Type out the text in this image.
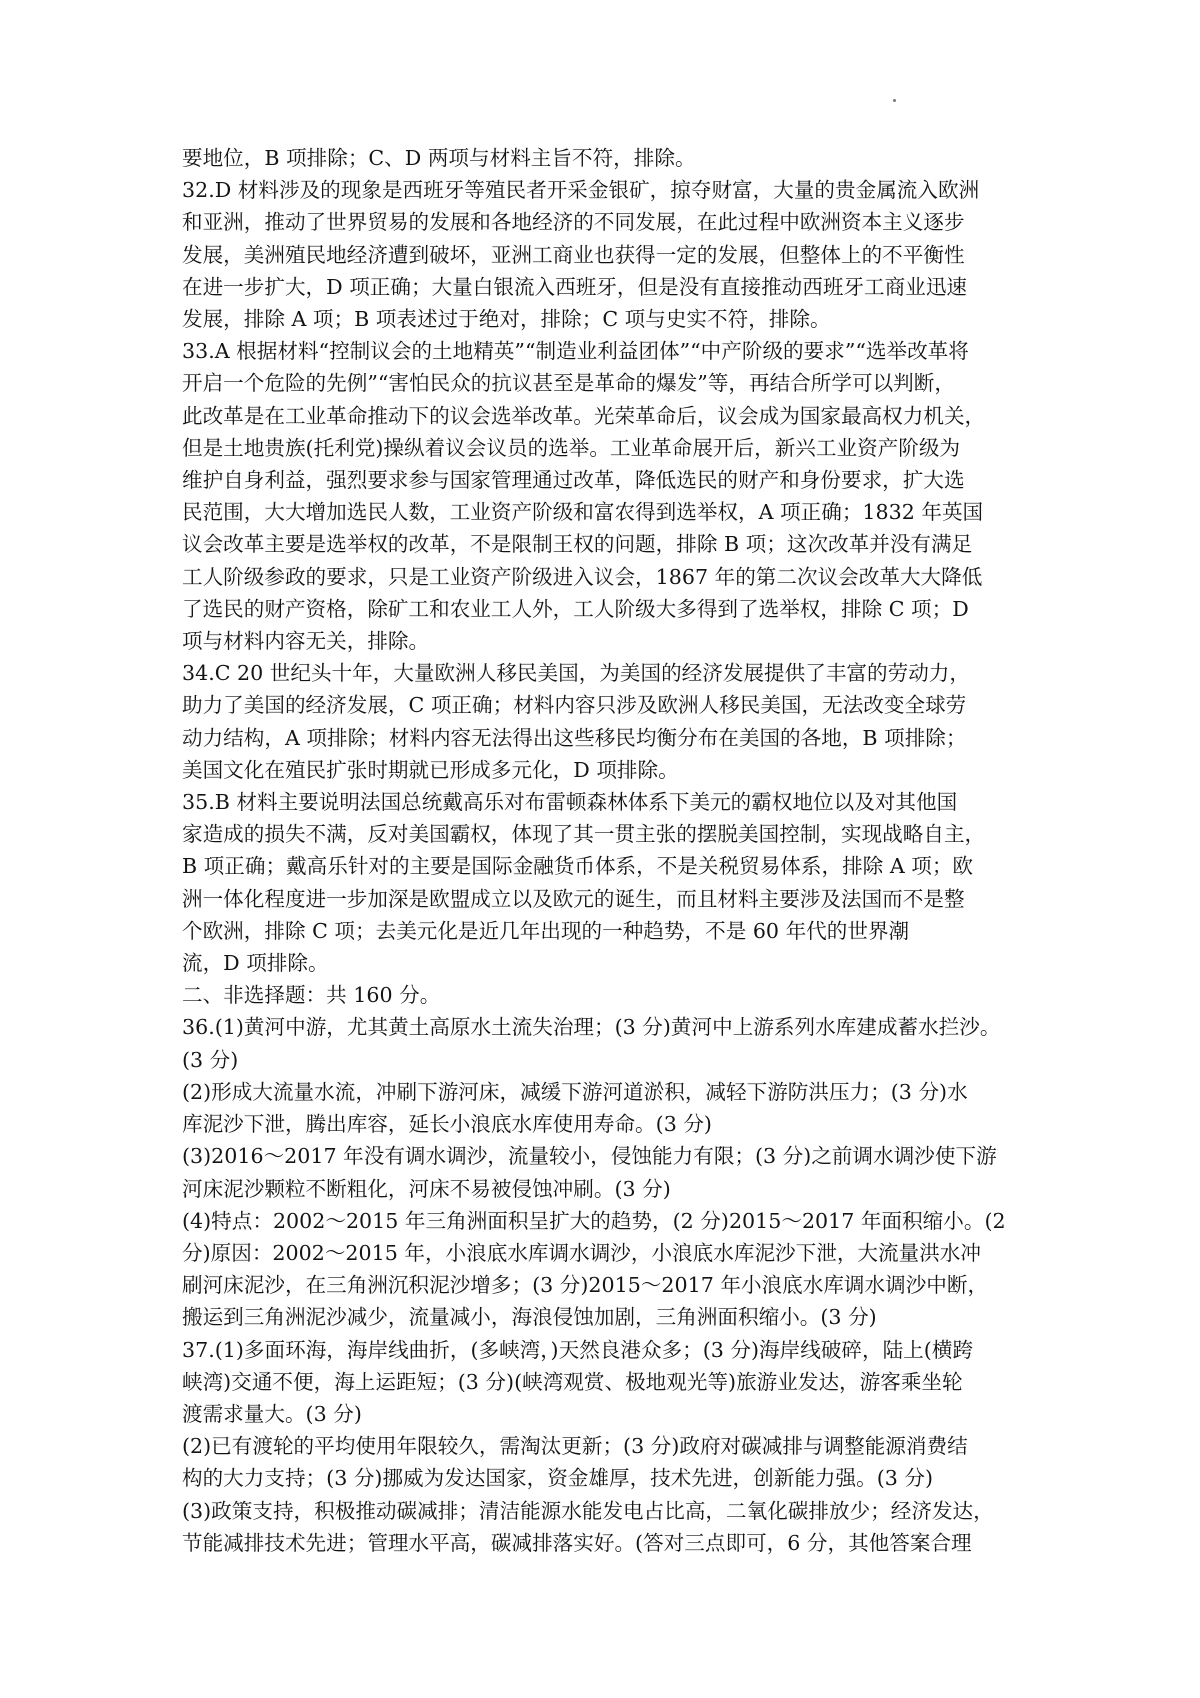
要地位，B 项排除；C、D 两项与材料主旨不符，排除。

32.D 材料涉及的现象是西班牙等殖民者开采金银矿，掠夺财富，大量的贵金属流入欧洲

和亚洲，推动了世界贸易的发展和各地经济的不同发展，在此过程中欧洲资本主义逐步

发展，美洲殖民地经济遭到破坏，亚洲工商业也获得一定的发展，但整体上的不平衡性

在进一步扩大，D 项正确；大量白银流入西班牙，但是没有直接推动西班牙工商业迅速

发展，排除 A 项；B 项表述过于绝对，排除；C 项与史实不符，排除。

33.A 根据材料“控制议会的土地精英”“制造业利益团体”“中产阶级的要求”“选举改革将

开启一个危险的先例”“害怕民众的抗议甚至是革命的爆发”等，再结合所学可以判断，

此改革是在工业革命推动下的议会选举改革。光荣革命后，议会成为国家最高权力机关，

但是土地贵族(托利党)操纵着议会议员的选举。工业革命展开后，新兴工业资产阶级为

维护自身利益，强烈要求参与国家管理通过改革，降低选民的财产和身份要求，扩大选

民范围，大大增加选民人数，工业资产阶级和富农得到选举权，A 项正确；1832 年英国

议会改革主要是选举权的改革，不是限制王权的问题，排除 B 项；这次改革并没有满足

工人阶级参政的要求，只是工业资产阶级进入议会，1867 年的第二次议会改革大大降低

了选民的财产资格，除矿工和农业工人外，工人阶级大多得到了选举权，排除 C 项；D

项与材料内容无关，排除。

34.C 20 世纪头十年，大量欧洲人移民美国，为美国的经济发展提供了丰富的劳动力，

助力了美国的经济发展，C 项正确；材料内容只涉及欧洲人移民美国，无法改变全球劳

动力结构，A 项排除；材料内容无法得出这些移民均衡分布在美国的各地，B 项排除；

美国文化在殖民扩张时期就已形成多元化，D 项排除。

35.B 材料主要说明法国总统戴高乐对布雷顿森林体系下美元的霸权地位以及对其他国

家造成的损失不满，反对美国霸权，体现了其一贯主张的摆脱美国控制，实现战略自主，

B 项正确；戴高乐针对的主要是国际金融货币体系，不是关税贸易体系，排除 A 项；欧

洲一体化程度进一步加深是欧盟成立以及欧元的诞生，而且材料主要涉及法国而不是整

个欧洲，排除 C 项；去美元化是近几年出现的一种趋势，不是 60 年代的世界潮

流，D 项排除。

二、非选择题：共 160 分。

36.(1)黄河中游，尤其黄土高原水土流失治理；(3 分)黄河中上游系列水库建成蓄水拦沙。

(3 分)

(2)形成大流量水流，冲刷下游河床，减缓下游河道淤积，减轻下游防洪压力；(3 分)水

库泥沙下泄，腾出库容，延长小浪底水库使用寿命。(3 分)

(3)2016～2017 年没有调水调沙，流量较小，侵蚀能力有限；(3 分)之前调水调沙使下游

河床泥沙颗粒不断粗化，河床不易被侵蚀冲刷。(3 分)

(4)特点：2002～2015 年三角洲面积呈扩大的趋势，(2 分)2015～2017 年面积缩小。(2

分)原因：2002～2015 年，小浪底水库调水调沙，小浪底水库泥沙下泄，大流量洪水冲

刷河床泥沙，在三角洲沉积泥沙增多；(3 分)2015～2017 年小浪底水库调水调沙中断，

搬运到三角洲泥沙减少，流量减小，海浪侵蚀加剧，三角洲面积缩小。(3 分)

37.(1)多面环海，海岸线曲折，(多峡湾，)天然良港众多；(3 分)海岸线破碎，陆上(横跨

峡湾)交通不便，海上运距短；(3 分)(峡湾观赏、极地观光等)旅游业发达，游客乘坐轮

渡需求量大。(3 分)

(2)已有渡轮的平均使用年限较久，需淘汰更新；(3 分)政府对碳减排与调整能源消费结

构的大力支持；(3 分)挪威为发达国家，资金雄厚，技术先进，创新能力强。(3 分)

(3)政策支持，积极推动碳减排；清洁能源水能发电占比高，二氧化碳排放少；经济发达，

节能减排技术先进；管理水平高，碳减排落实好。(答对三点即可，6 分，其他答案合理
